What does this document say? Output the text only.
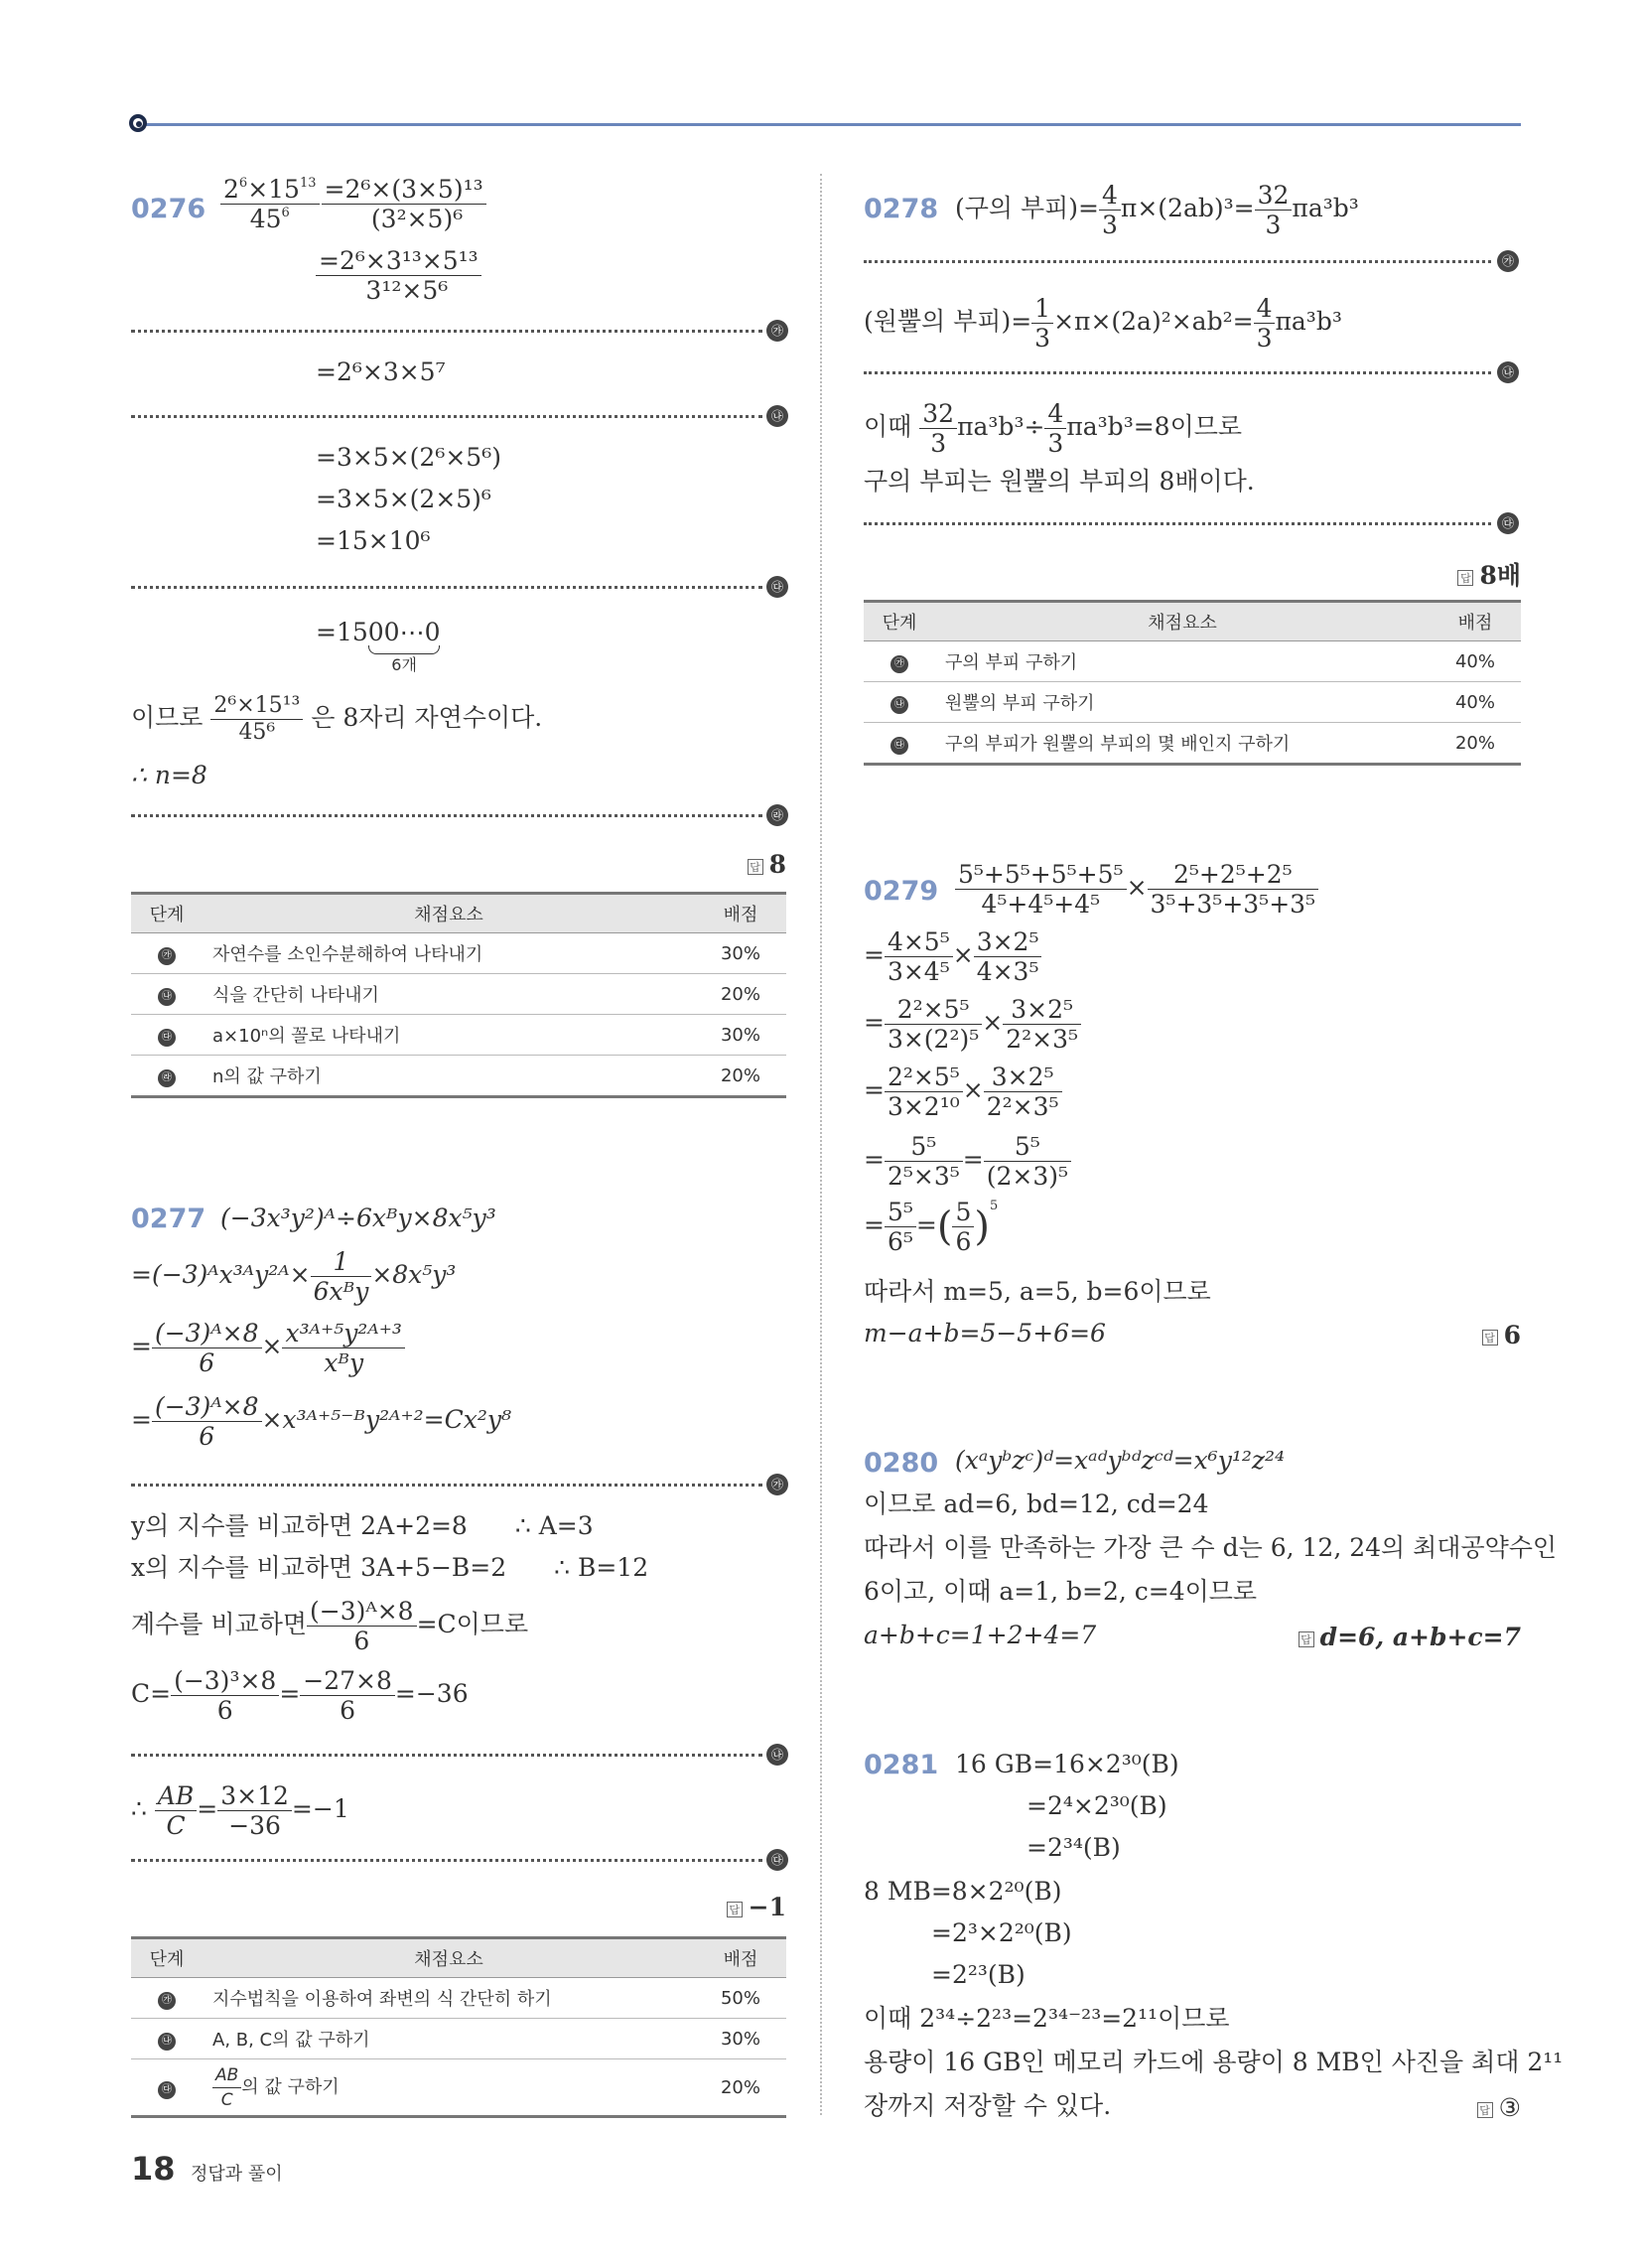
$0276 \frac{2^6\times 15^{13}}{45^6} \frac{\text{=2⁶×(3×5)¹³}}{\text{(3²×5)⁶}}$
$\frac{\text{=2⁶×3¹³×5¹³}}{\text{3¹²×5⁶}}$
㉮
=2⁶×3×5⁷
㉯
=3×5×(2⁶×5⁶)
=3×5×(2×5)⁶
=15×10⁶
㉰
=1500⋯0
6개
이므로 $\frac{\text{2⁶×15¹³}}{\text{45⁶}}$ 은 8자리 자연수이다.
∴ n=8
㉱
답 8
단계	채점요소	배점
㉮	자연수를 소인수분해하여 나타내기	30%
㉯	식을 간단히 나타내기	20%
㉰	a×10ⁿ의 꼴로 나타내기	30%
㉱	n의 값 구하기	20%
0277 (−3x³y²)ᴬ÷6xᴮy×8x⁵y³
=(−3)ᴬx³ᴬy²ᴬ× $\frac{1}{\text{6xᴮy}} \times 8x^5y^3$
= $\frac{\text{(−3)ᴬ×8}}{6} \times \frac{\text{x³ᴬ⁺⁵y²ᴬ⁺³}}{\text{xᴮy}}$
= $\frac{\text{(−3)ᴬ×8}}{6}$ ×x³ᴬ⁺⁵⁻ᴮy²ᴬ⁺²=Cx²y⁸
㉮
y의 지수를 비교하면 2A+2=8 ∴ A=3
x의 지수를 비교하면 3A+5−B=2 ∴ B=12
계수를 비교하면 $\frac{\text{(−3)ᴬ×8}}{6} =C$이므로
$C= \frac{\text{(−3)³×8}}{6} = \frac{-27\times 8}{6} =-36$
㉯
∴ $\frac{AB}{C} = \frac{3\times 12}{-36} =-1$
㉰
답 −1
단계	채점요소	배점
㉮	지수법칙을 이용하여 좌변의 식 간단히 하기	50%
㉯	A, B, C의 값 구하기	30%
㉰	$\frac{AB}{C}$ 의 값 구하기	20%
0278 (구의 부피)= $\frac{4}{3} \pi\times(2ab)^3= \frac{32}{3} \pi a^3b^3$
㉮
(원뿔의 부피)= $\frac{1}{3} \times\pi\times(2a)^2\times ab^2= \frac{4}{3} \pi a^3b^3$
㉯
이때 $\frac{32}{3} \pi a^3b^3\div \frac{4}{3} \pi a^3b^3=8$이므로
구의 부피는 원뿔의 부피의 8배이다.
㉰
답 8배
단계	채점요소	배점
㉮	구의 부피 구하기	40%
㉯	원뿔의 부피 구하기	40%
㉰	구의 부피가 원뿔의 부피의 몇 배인지 구하기	20%
$0279 \frac{\text{5⁵+5⁵+5⁵+5⁵}}{\text{4⁵+4⁵+4⁵}} \times \frac{\text{2⁵+2⁵+2⁵}}{\text{3⁵+3⁵+3⁵+3⁵}}$
= $\frac{\text{4×5⁵}}{\text{3×4⁵}} \times \frac{\text{3×2⁵}}{\text{4×3⁵}}$
= $\frac{\text{2²×5⁵}}{\text{3×(2²)⁵}} \times \frac{\text{3×2⁵}}{\text{2²×3⁵}}$
= $\frac{\text{2²×5⁵}}{\text{3×2¹⁰}} \times \frac{\text{3×2⁵}}{\text{2²×3⁵}}$
= $\frac{\text{5⁵}}{\text{2⁵×3⁵}} = \frac{\text{5⁵}}{\text{(2×3)⁵}}$
= $\frac{\text{5⁵}}{\text{6⁵}}$ =( $\frac{5}{6} )^5$
따라서 m=5, a=5, b=6이므로
m−a+b=5−5+6=6	답 6
0280 (xᵃyᵇzᶜ)ᵈ=xᵃᵈyᵇᵈzᶜᵈ=x⁶y¹²z²⁴
이므로 ad=6, bd=12, cd=24
따라서 이를 만족하는 가장 큰 수 d는 6, 12, 24의 최대공약수인
6이고, 이때 a=1, b=2, c=4이므로
a+b+c=1+2+4=7	답 d=6, a+b+c=7
0281 16 GB=16×2³⁰(B)
=2⁴×2³⁰(B)
=2³⁴(B)
8 MB=8×2²⁰(B)
=2³×2²⁰(B)
=2²³(B)
이때 2³⁴÷2²³=2³⁴⁻²³=2¹¹이므로
용량이 16 GB인 메모리 카드에 용량이 8 MB인 사진을 최대 2¹¹
장까지 저장할 수 있다.	답 ③
18 정답과 풀이
